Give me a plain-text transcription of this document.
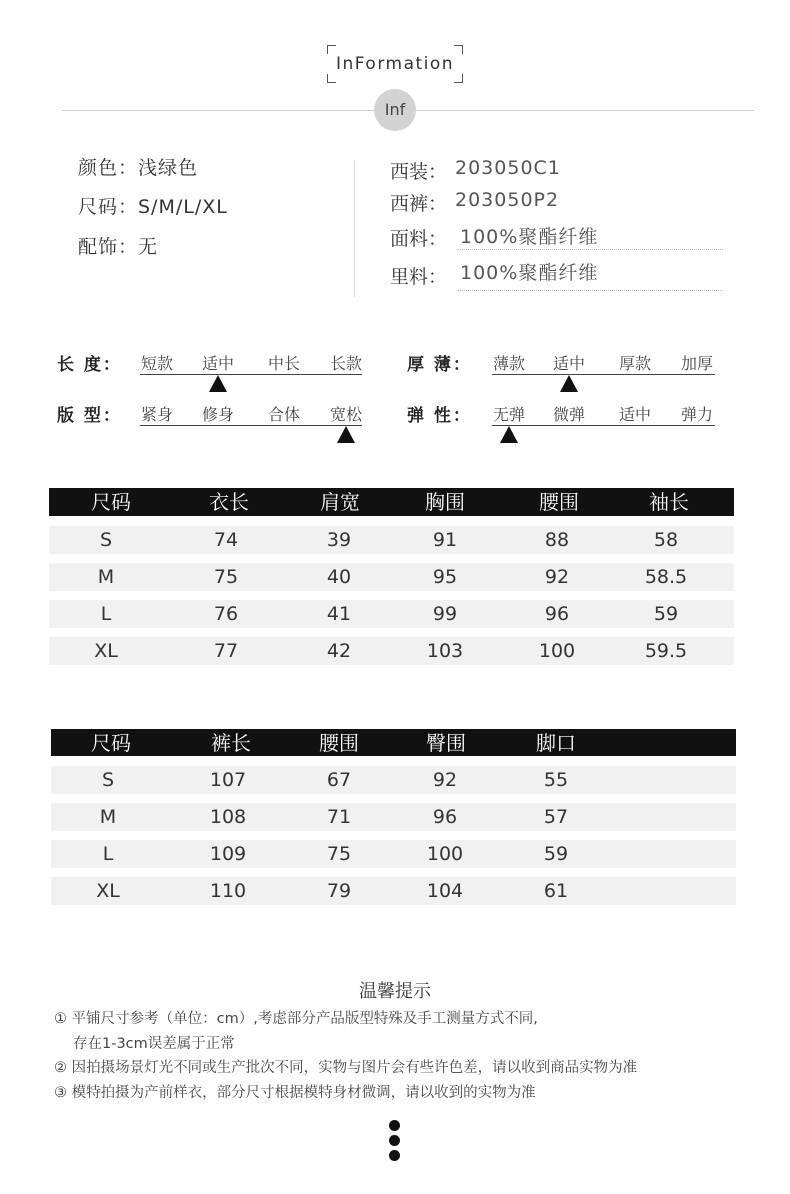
InFormation
Inf
颜色：浅绿色
尺码：S/M/L/XL
配饰：无
西装： 203050C1
西裤： 203050P2
面料： 100%聚酯纤维
里料： 100%聚酯纤维
长 度： 短款 适中 中长 长款	厚 薄： 薄款 适中 厚款 加厚
版 型： 紧身 修身 合体 宽松	弹 性： 无弹 微弹 适中 弹力
尺码	衣长	肩宽	胸围	腰围	袖长
S	74	39	91	88	58
M	75	40	95	92	58.5
L	76	41	99	96	59
XL	77	42	103	100	59.5
尺码	裤长	腰围	臀围	脚口
S	107	67	92	55
M	108	71	96	57
L	109	75	100	59
XL	110	79	104	61
温馨提示
① 平铺尺寸参考（单位：cm）,考虑部分产品版型特殊及手工测量方式不同,
存在1-3cm误差属于正常
② 因拍摄场景灯光不同或生产批次不同，实物与图片会有些许色差，请以收到商品实物为准
③ 模特拍摄为产前样衣，部分尺寸根据模特身材微调，请以收到的实物为准
